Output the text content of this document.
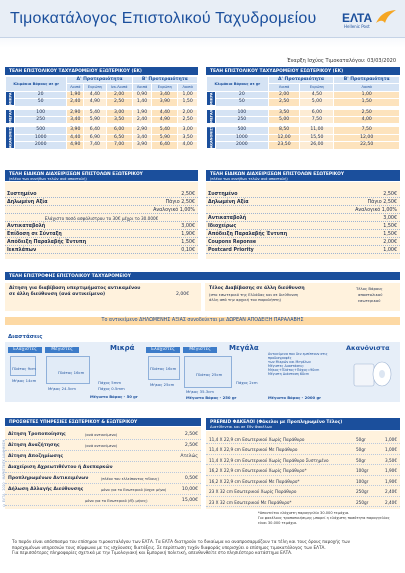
Τιμοκατάλογος Επιστολικού Ταχυδρομείου ΕΛΤΑ
Hellenic Post
Έναρξη Ισχύος Τιμοκαταλόγου: 03/03/2020
ΤΕΛΗ ΕΠΙΣΤΟΛΙΚΟΥ ΤΑΧΥΔΡΟΜΕΙΟΥ ΕΞΩΤΕΡΙΚΟΥ (ΕΚ)
Κλιμάκια Βάρους σε gr		Α' Προτεραιότητα			Β' Προτεραιότητα		
		Λοιπά	Ευρώπη	Ινκ.Λοιπά	Λοιπά	Ευρώπη	Λοιπά
ΜΙΚΡΑ	20	1,90	4,40	2,00	0,90	3,40	1,00
	50	2,40	4,90	2,50	1,40	3,90	1,50

ΜΕΓΑΛΑ	100	2,90	5,40	3,00	1,90	4,40	2,00
	250	3,40	5,90	3,50	2,40	4,90	2,50

ΑΚΑΝΟΝΙΣΤΑ	500	3,90	6,40	6,00	2,90	5,40	3,00
	1000	4,40	6,90	6,50	3,40	5,90	3,50
	2000	4,90	7,40	7,00	3,90	6,40	4,00
ΤΕΛΗ ΕΠΙΣΤΟΛΙΚΟΥ ΤΑΧΥΔΡΟΜΕΙΟΥ ΕΣΩΤΕΡΙΚΟΥ (ΕΚ)
Κλιμάκια Βάρους σε gr		Α' Προτεραιότητα		Β' Προτεραιότητα
		Λοιπά	Ευρώπη	Λοιπά
ΜΙΚΡΑ	20	2,00	4,50	1,00
	50	2,50	5,00	1,50

ΜΕΓΑΛΑ	100	3,50	6,00	2,50
	250	5,00	7,50	4,00

ΑΚΑΝΟΝΙΣΤΑ	500	8,50	11,00	7,50
	1000	12,00	15,50	12,00
	2000	23,50	26,00	22,50
ΤΕΛΗ ΕΙΔΙΚΩΝ ΔΙΑΧΕΙΡΙΣΕΩΝ ΕΠΙΣΤΟΛΩΝ ΕΞΩΤΕΡΙΚΟΥ
(πλέον των συνήθων τελών ανά αποστολή)
Συστημένο	2,50€
Δηλωμένη Αξία	Πάγιο 2,50€
Αναλογικό 1,00%
Ελάχιστο ποσό ασφάλιστρου το 30€ μέχρι το 30.000€
Αντικαταβολή	3,00€
Επίδοση σε Σύνταξη	1,90€
Απόδειξη Παραλαβής Έντυπη	1,50€
Ιεκπλάπων	0,10€
ΤΕΛΗ ΕΙΔΙΚΩΝ ΔΙΑΧΕΙΡΙΣΕΩΝ ΕΠΙΣΤΟΛΩΝ ΕΣΩΤΕΡΙΚΟΥ
(πλέον των συνήθων τελών ανά αποστολή)
Συστημένο	2,50€
Δηλωμένη Αξία	Πάγιο 2,50€
Αναλογικό 1,00%
Αντικαταβολή	3,00€
Ιδιοχείρως	1,50€
Απόδειξη Παραλαβής Έντυπη	1,50€
Coupons Reponse	2,00€
Postcard Priority	1,00€
ΤΕΛΗ ΕΠΙΣΤΡΟΦΗΣ ΕΠΙΣΤΟΛΙΚΟΥ ΤΑΧΥΔΡΟΜΕΙΟΥ
Αίτηση για διαβίβαση υπερτιμήματος αντικαμένου
σε άλλη διεύθυνση (ανά αντικείμενο)	2,00€
Τέλος Διαβίβασης σε άλλη διεύθυνση
(στο εσωτερικό της Ελλάδας και σε διεύθυνση
άλλη από την αρχική του παραλήπτη)
Τέλος Βάρους
αποστολικού
εσωτερικού
Το αντικείμενο ΔΗΛΩΜΕΝΗΣ ΑΞΙΑΣ συνοδεύεται με ΔΩΡΕΑΝ ΑΠΟΔΕΙΞΗ ΠΑΡΑΛΑΒΗΣ
Διαστάσεις
Ελάχιστες	Μέγιστες	Μικρά
Πλάτος 9cm
Μήκος 14cm
Πλάτος 16cm
Μήκος 24.5cm	Πάχος 0.5mm
Πάχος 5mm
Μέγιστο Βάρος - 50 gr
Ελάχιστες	Μέγιστες	Μεγάλα
Πλάτος 16cm
Μήκος 25cm
Πλάτος 25cm
Μήκος 35.3cm
Πάχος 2cm
Μέγιστο Βάρος - 250 gr
Ακανόνιστα
Αντικείμενα που δεν εμπίπτουν στις προδιαγραφές
των Μικρών και Μεγάλων
Μέγιστες Διαστάσεις:
Μήκος+Πλάτος+Πάχος=90cm
Μέγιστη Διάσταση 60cm
Μέγιστο Βάρος - 2000 gr
ΠΡΟΣΘΕΤΕΣ ΥΠΗΡΕΣΙΕΣ ΕΣΩΤΕΡΙΚΟΥ & ΕΞΩΤΕΡΙΚΟΥ
Αίτηση Τροποποίησης	(ανά αντικείμενο)	2,50€
Αίτηση Αναζήτησης	(ανά αντικείμενο)	2,50€
Αίτηση Αποζημίωσης	Ατελώς
Διαχείριση Αχρεωτιθέντου ή Ανεπαρκών
Προπληρωμένων Αντικειμένων	(πλέον του ελλείποντος τέλους)	0,50€
Δήλωση Αλλαγής Διεύθυνσης	μόνο για το Εσωτερικό (ίσχυε μήνα)	10,00€
μόνο για το Εσωτερικό (έξι μήνες)	15,00€
PREPAID ΦΑΚΕΛΟΙ (Φάκελοι με Προπληρωμένο Τέλος)
Διατίθενται και σε Εθν Φακέλων
11,4 X 22,9 cm Εσωτερικού Χωρίς Παράθυρο	50gr	1,00€
11,4 X 22,9 cm Εσωτερικού Με Παράθυρο	50gr	1,00€
11,4 X 22,9 cm Εσωτερικού Χωρίς Παράθυρο Συστημένο	50gr	3,50€
16,2 X 22,9 cm Εσωτερικού Χωρίς Παράθυρο*	100gr	1,90€
16,2 X 22,9 cm Εσωτερικού Με Παράθυρο*	100gr	1,90€
23 X 32 cm Εσωτερικού Χωρίς Παράθυρο	250gr	2,40€
23 X 32 cm Εσωτερικού Με Παράθυρο*	250gr	2,40€
*Απαιτείται ελάχιστη παραγγελία 30.000 τεμάχια.
Για φακέλους τροποποιήσιμης μπορεί η ελάχιστη ποσότητα παραγγελίας
είναι 30.000 τεμάχια.
© ΕΛΤΑ · 2020 · ΜΑΡΚΕΤΙΝΓΚ ΔΙΑΦΗΜΙΣΗ
Το παρόν είναι απόσπασμα του επίσημου τιμοκαταλόγου των ΕΛΤΑ. Τα ΕΛΤΑ διατηρούν το δικαίωμα να αναπροσαρμόζουν τα τέλη και τους όρους παροχής των
παρεχομένων υπηρεσιών τους σύμφωνα με τις ισχύουσες διατάξεις. Σε περίπτωση τυχόν διαφοράς υπερισχύει ο επίσημος τιμοκατάλογος των ΕΛΤΑ.
Για περισσότερες πληροφορίες σχετικά με την Τιμολογιακή και Εμπορική πολιτική, απευθυνθείτε στο πλησιέστερο κατάστημα ΕΛΤΑ.
